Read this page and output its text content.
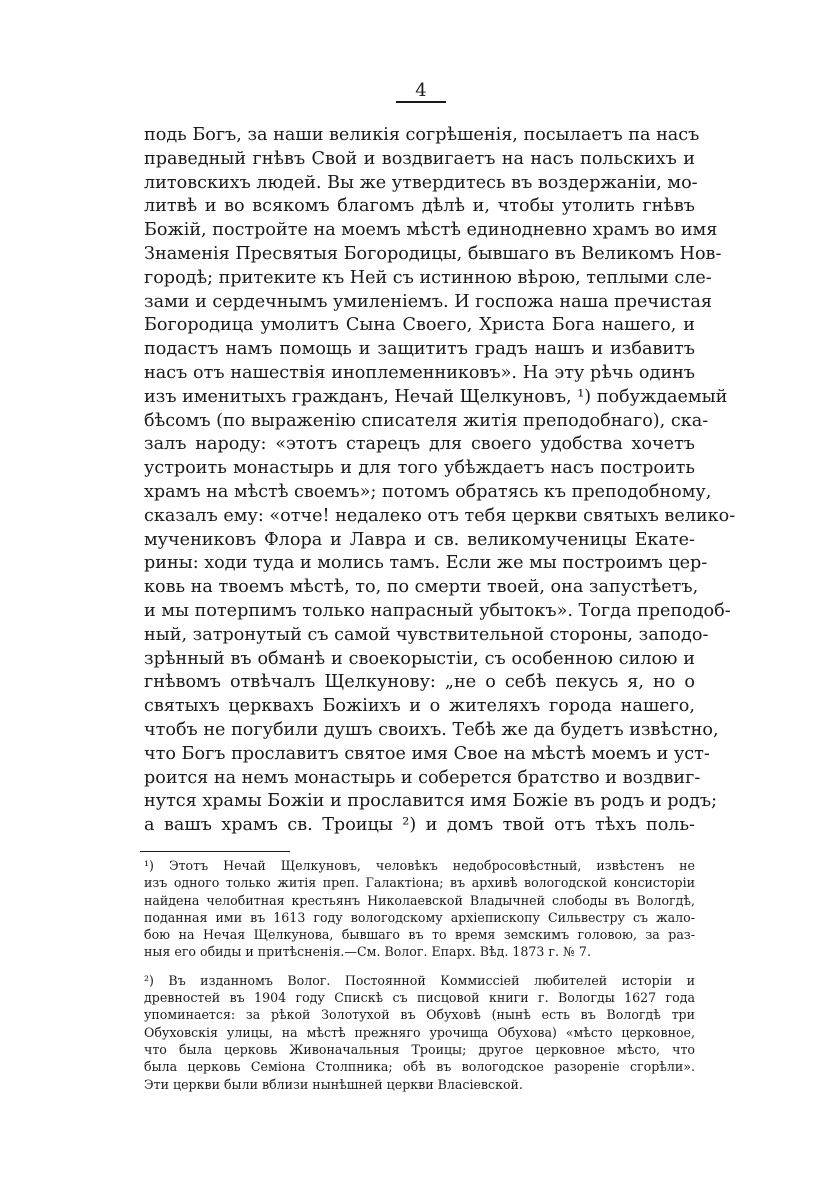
4
подь Богъ, за наши великія согрѣшенія, посылаетъ па насъ
праведный гнѣвъ Свой и воздвигаетъ на насъ польскихъ и
литовскихъ людей. Вы же утвердитесь въ воздержаніи, мо-
литвѣ и во всякомъ благомъ дѣлѣ и, чтобы утолить гнѣвъ
Божій, постройте на моемъ мѣстѣ единодневно храмъ во имя
Знаменія Пресвятыя Богородицы, бывшаго въ Великомъ Нов-
городѣ; притеките къ Ней съ истинною вѣрою, теплыми сле-
зами и сердечнымъ умиленіемъ. И госпожа наша пречистая
Богородица умолитъ Сына Своего, Христа Бога нашего, и
подастъ намъ помощь и защититъ градъ нашъ и избавитъ
насъ отъ нашествія иноплеменниковъ». На эту рѣчь одинъ
изъ именитыхъ гражданъ, Нечай Щелкуновъ, ¹) побуждаемый
бѣсомъ (по выраженію списателя житія преподобнаго), ска-
залъ народу: «этотъ старецъ для своего удобства хочетъ
устроить монастырь и для того убѣждаетъ насъ построить
храмъ на мѣстѣ своемъ»; потомъ обратясь къ преподобному,
сказалъ ему: «отче! недалеко отъ тебя церкви святыхъ велико-
мучениковъ Флора и Лавра и св. великомученицы Екате-
рины: ходи туда и молись тамъ. Если же мы построимъ цер-
ковь на твоемъ мѣстѣ, то, по смерти твоей, она запустѣетъ,
и мы потерпимъ только напрасный убытокъ». Тогда преподоб-
ный, затронутый съ самой чувствительной стороны, заподо-
зрѣнный въ обманѣ и своекорыстіи, съ особенною силою и
гнѣвомъ отвѣчалъ Щелкунову: „не о себѣ пекусь я, но о
святыхъ церквахъ Божіихъ и о жителяхъ города нашего,
чтобъ не погубили душъ своихъ. Тебѣ же да будетъ извѣстно,
что Богъ прославитъ святое имя Свое на мѣстѣ моемъ и уст-
роится на немъ монастырь и соберется братство и воздвиг-
нутся храмы Божіи и прославится имя Божіе въ родъ и родъ;
а вашъ храмъ св. Троицы ²) и домъ твой отъ тѣхъ поль-
¹) Этотъ Нечай Щелкуновъ, человѣкъ недобросовѣстный, извѣстенъ не
изъ одного только житія преп. Галактіона; въ архивѣ вологодской консисторіи
найдена челобитная крестьянъ Николаевской Владычней слободы въ Вологдѣ,
поданная ими въ 1613 году вологодскому архіепископу Сильвестру съ жало-
бою на Нечая Щелкунова, бывшаго въ то время земскимъ головою, за раз-
ныя его обиды и притѣсненія.—См. Волог. Епарх. Вѣд. 1873 г. № 7.
²) Въ изданномъ Волог. Постоянной Коммиссіей любителей исторіи и
древностей въ 1904 году Спискѣ съ писцовой книги г. Вологды 1627 года
упоминается: за рѣкой Золотухой въ Обуховѣ (нынѣ есть въ Вологдѣ три
Обуховскія улицы, на мѣстѣ прежняго урочища Обухова) «мѣсто церковное,
что была церковь Живоначальныя Троицы; другое церковное мѣсто, что
была церковь Семіона Столпника; обѣ въ вологодское разореніе сгорѣли».
Эти церкви были вблизи нынѣшней церкви Власіевской.
